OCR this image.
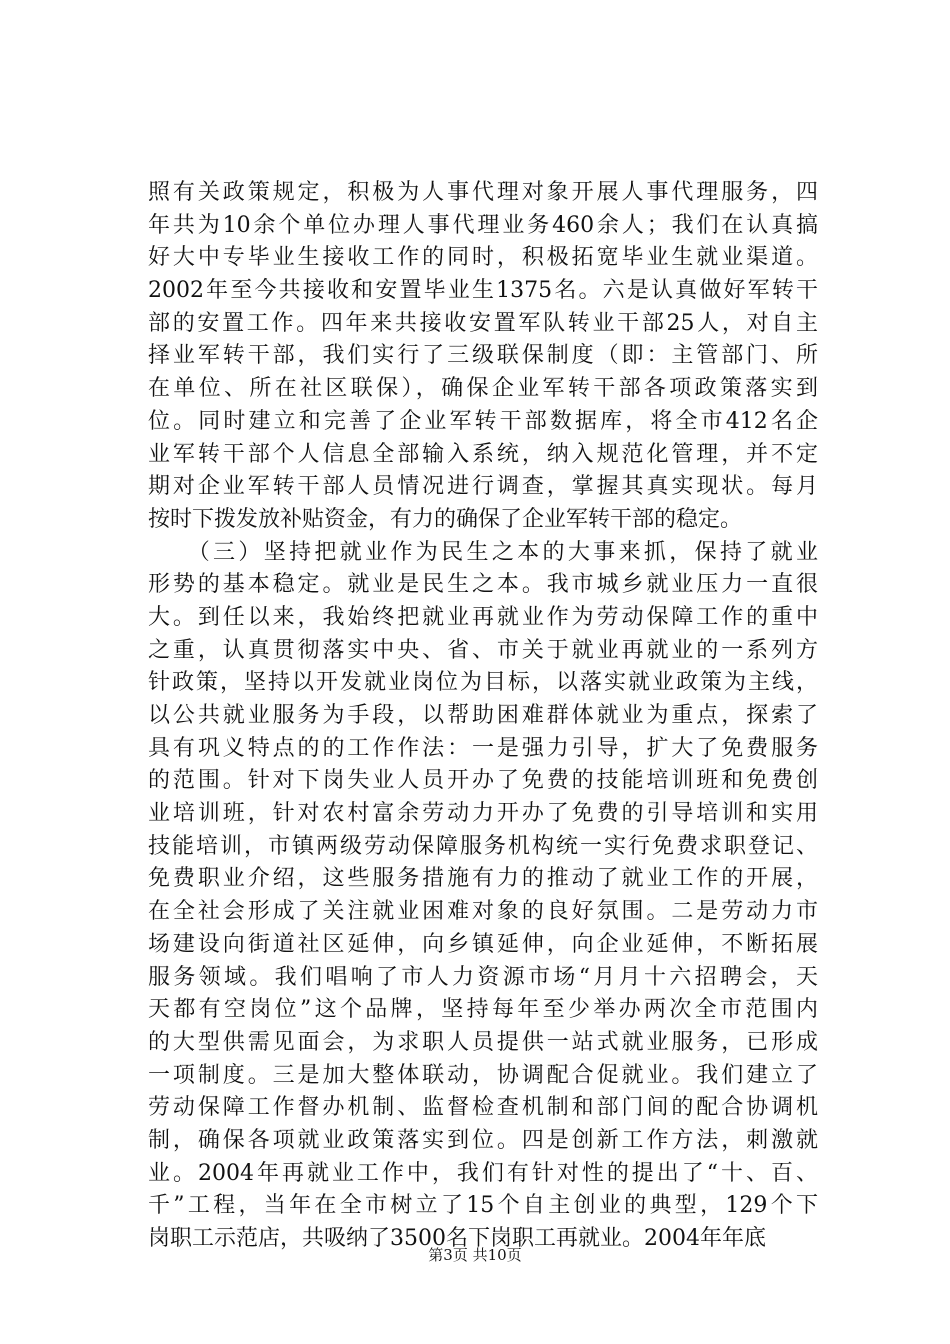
照有关政策规定，积极为人事代理对象开展人事代理服务，四
年共为10余个单位办理人事代理业务460余人；我们在认真搞
好大中专毕业生接收工作的同时，积极拓宽毕业生就业渠道。
2002年至今共接收和安置毕业生1375名。六是认真做好军转干
部的安置工作。四年来共接收安置军队转业干部25人，对自主
择业军转干部，我们实行了三级联保制度（即：主管部门、所
在单位、所在社区联保），确保企业军转干部各项政策落实到
位。同时建立和完善了企业军转干部数据库，将全市412名企
业军转干部个人信息全部输入系统，纳入规范化管理，并不定
期对企业军转干部人员情况进行调查，掌握其真实现状。每月
按时下拨发放补贴资金，有力的确保了企业军转干部的稳定。
　　（三）坚持把就业作为民生之本的大事来抓，保持了就业
形势的基本稳定。就业是民生之本。我市城乡就业压力一直很
大。到任以来，我始终把就业再就业作为劳动保障工作的重中
之重，认真贯彻落实中央、省、市关于就业再就业的一系列方
针政策，坚持以开发就业岗位为目标，以落实就业政策为主线，
以公共就业服务为手段，以帮助困难群体就业为重点，探索了
具有巩义特点的的工作作法：一是强力引导，扩大了免费服务
的范围。针对下岗失业人员开办了免费的技能培训班和免费创
业培训班，针对农村富余劳动力开办了免费的引导培训和实用
技能培训，市镇两级劳动保障服务机构统一实行免费求职登记、
免费职业介绍，这些服务措施有力的推动了就业工作的开展，
在全社会形成了关注就业困难对象的良好氛围。二是劳动力市
场建设向街道社区延伸，向乡镇延伸，向企业延伸，不断拓展
服务领域。我们唱响了市人力资源市场“月月十六招聘会，天
天都有空岗位”这个品牌，坚持每年至少举办两次全市范围内
的大型供需见面会，为求职人员提供一站式就业服务，已形成
一项制度。三是加大整体联动，协调配合促就业。我们建立了
劳动保障工作督办机制、监督检查机制和部门间的配合协调机
制，确保各项就业政策落实到位。四是创新工作方法，刺激就
业。2004年再就业工作中，我们有针对性的提出了“十、百、
千”工程，当年在全市树立了15个自主创业的典型，129个下
岗职工示范店，共吸纳了3500名下岗职工再就业。2004年年底
第3页 共10页
